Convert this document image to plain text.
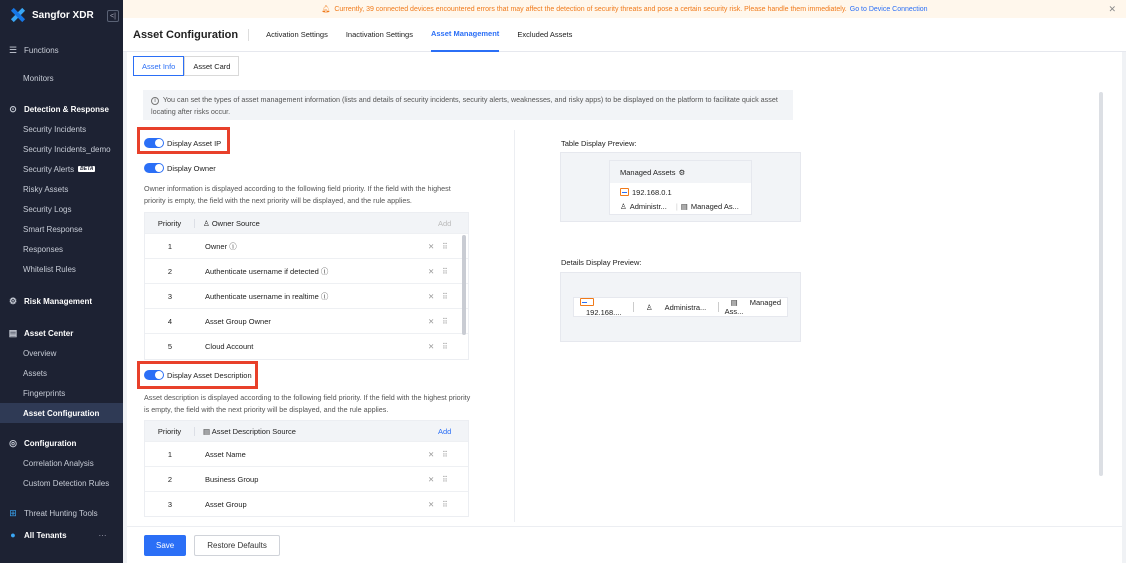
Sangfor XDR	<|
☰ Functions
Monitors
⊙ Detection & Response
Security Incidents
Security Incidents_demo
Security Alerts	BETA
Risky Assets
Security Logs
Smart Response
Responses
Whitelist Rules
⚙ Risk Management
▤ Asset Center
Overview
Assets
Fingerprints
Asset Configuration
◎ Configuration
Correlation Analysis
Custom Detection Rules
⊞ Threat Hunting Tools
● All Tenants	···
🔔︎ Currently, 39 connected devices encountered errors that may affect the detection of security threats and pose a certain security risk. Please handle them immediately. Go to Device Connection	✕
Asset Configuration	Activation Settings Inactivation Settings Asset Management Excluded Assets
Asset Info	Asset Card
i You can set the types of asset management information (lists and details of security incidents, security alerts, weaknesses, and risky apps) to be displayed on the platform to facilitate quick asset locating after risks occur.
Display Asset IP
Display Owner
Owner information is displayed according to the following field priority. If the field with the highest priority is empty, the field with the next priority will be displayed, and the rule applies.
Priority	♙ Owner Source	Add
1	Owner ⓘ	✕ ⠿
2	Authenticate username if detected ⓘ	✕ ⠿
3	Authenticate username in realtime ⓘ	✕ ⠿
4	Asset Group Owner	✕ ⠿
5	Cloud Account	✕ ⠿
Display Asset Description
Asset description is displayed according to the following field priority. If the field with the highest priority is empty, the field with the next priority will be displayed, and the rule applies.
Priority	▤ Asset Description Source	Add
1	Asset Name	✕ ⠿
2	Business Group	✕ ⠿
3	Asset Group	✕ ⠿
Table Display Preview:
Managed Assets ⚙
192.168.0.1
♙ Administr... | ▤ Managed As...
Details Display Preview:
192.168....
♙ Administra...	▤ Managed Ass...
Save	Restore Defaults
